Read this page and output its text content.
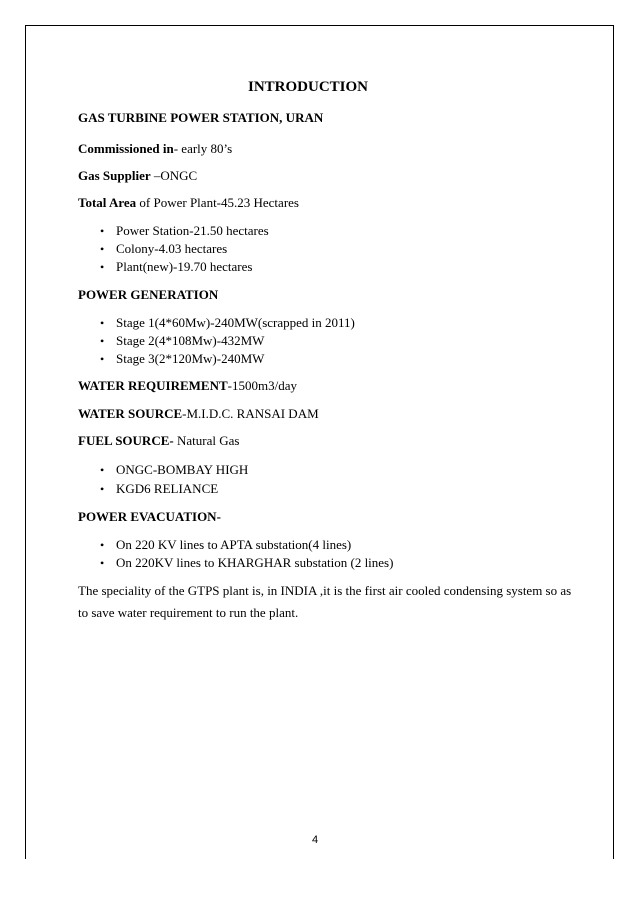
INTRODUCTION
GAS TURBINE POWER STATION, URAN
Commissioned in- early 80’s
Gas Supplier –ONGC
Total Area of Power Plant-45.23 Hectares
• Power Station-21.50 hectares
• Colony-4.03 hectares
• Plant(new)-19.70 hectares
POWER GENERATION
• Stage 1(4*60Mw)-240MW(scrapped in 2011)
• Stage 2(4*108Mw)-432MW
• Stage 3(2*120Mw)-240MW
WATER REQUIREMENT-1500m3/day
WATER SOURCE-M.I.D.C. RANSAI DAM
FUEL SOURCE- Natural Gas
• ONGC-BOMBAY HIGH
• KGD6 RELIANCE
POWER EVACUATION-
• On 220 KV lines to APTA substation(4 lines)
• On 220KV lines to KHARGHAR substation (2 lines)
The speciality of the GTPS plant is, in INDIA ,it is the first air cooled condensing system so as to save water requirement to run the plant.
4
